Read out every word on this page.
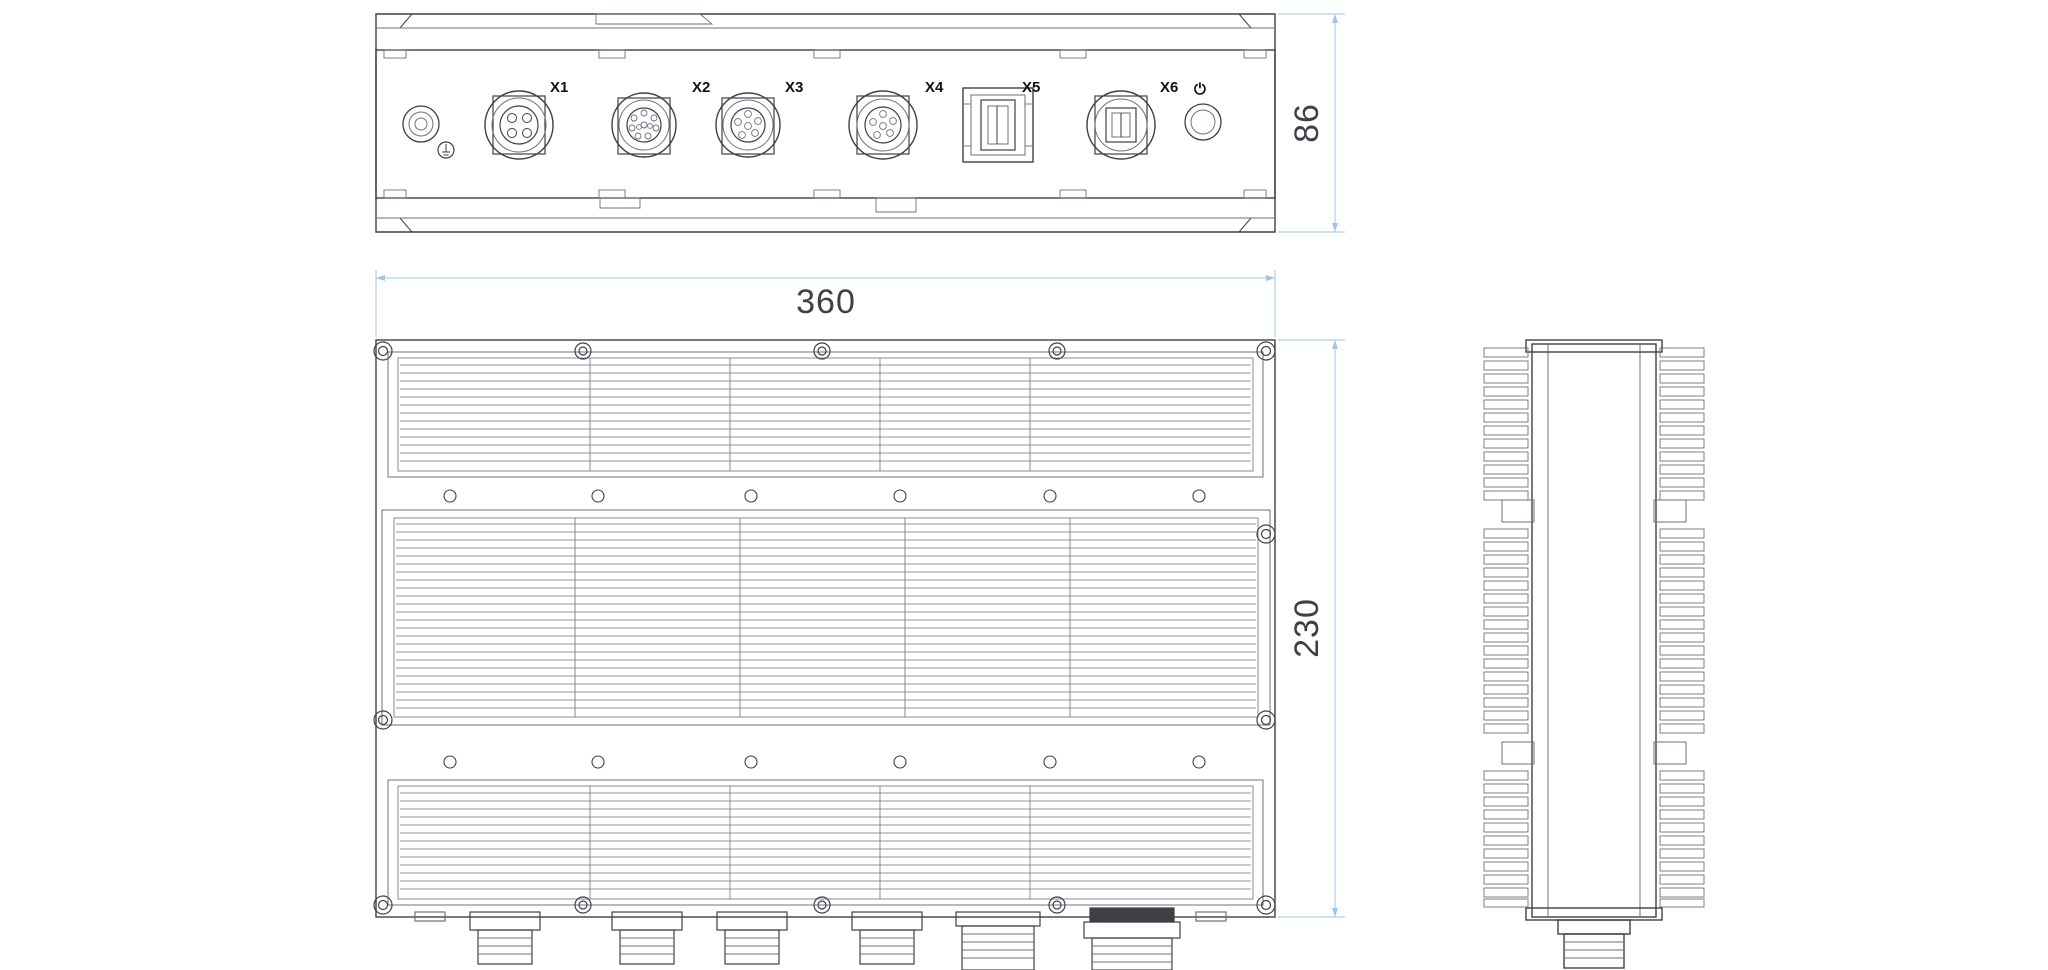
X1	X2	X3	X4	X5	X6 ⏻
86
360
230
